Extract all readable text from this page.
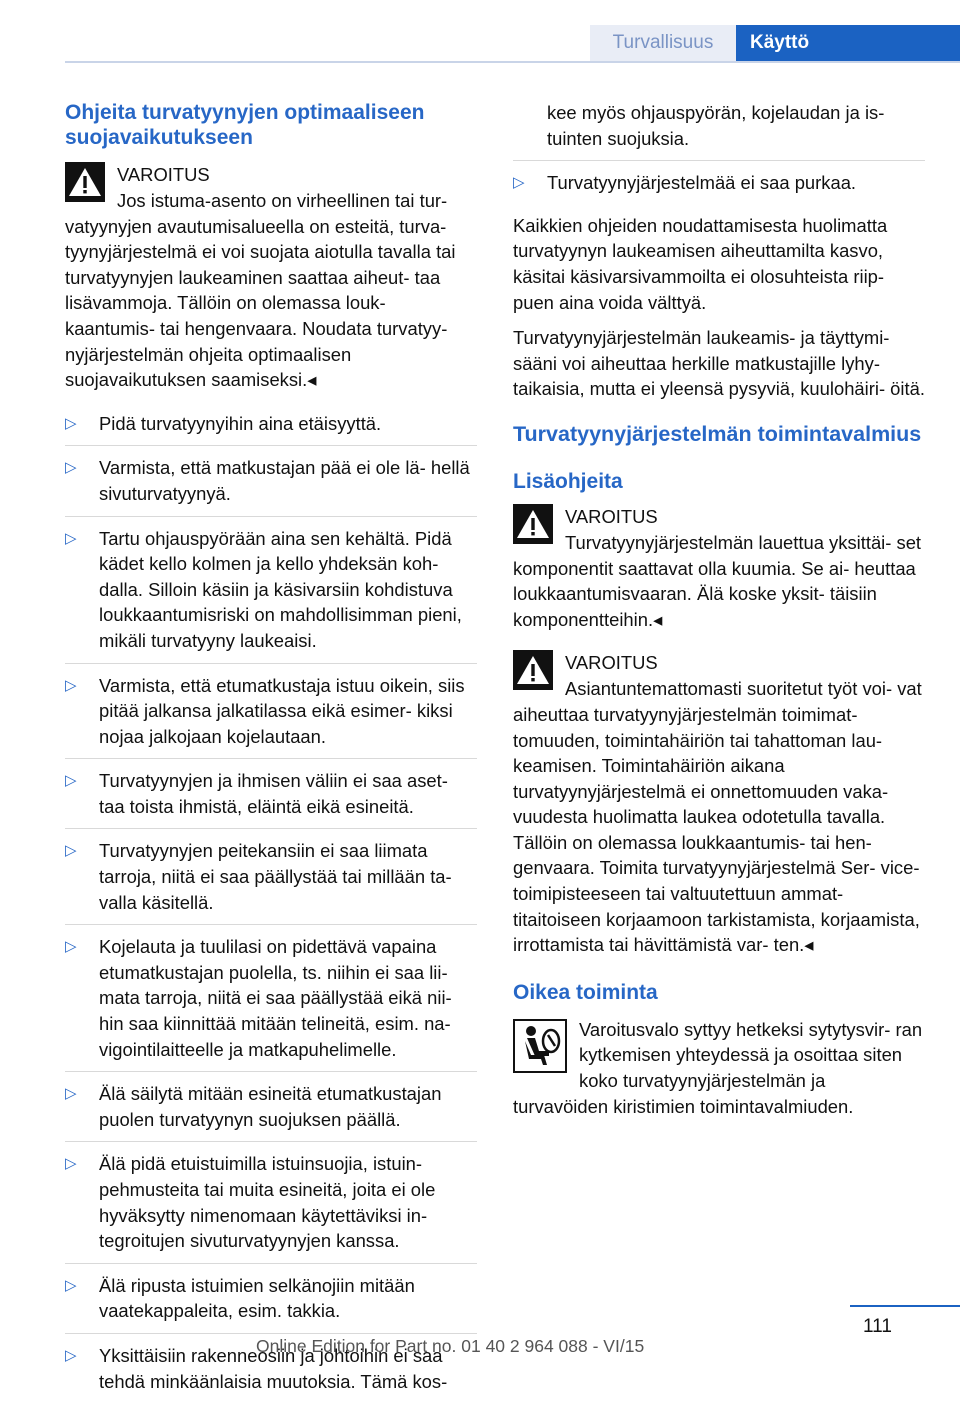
Turvallisuus Käyttö
Ohjeita turvatyynyjen optimaaliseen suojavaikutukseen
VAROITUS
Jos istuma-asento on virheellinen tai tur- vatyynyjen avautumisalueella on esteitä, turva- tyynyjärjestelmä ei voi suojata aiotulla tavalla tai turvatyynyjen laukeaminen saattaa aiheut- taa lisävammoja. Tällöin on olemassa louk- kaantumis- tai hengenvaara. Noudata turvatyy- nyjärjestelmän ohjeita optimaalisen suojavaikutuksen saamiseksi.◂
▷ Pidä turvatyynyihin aina etäisyyttä.
▷ Varmista, että matkustajan pää ei ole lä- hellä sivuturvatyynyä.
▷ Tartu ohjauspyörään aina sen kehältä. Pidä kädet kello kolmen ja kello yhdeksän koh- dalla. Silloin käsiin ja käsivarsiin kohdistuva loukkaantumisriski on mahdollisimman pieni, mikäli turvatyyny laukeaisi.
▷ Varmista, että etumatkustaja istuu oikein, siis pitää jalkansa jalkatilassa eikä esimer- kiksi nojaa jalkojaan kojelautaan.
▷ Turvatyynyjen ja ihmisen väliin ei saa aset- taa toista ihmistä, eläintä eikä esineitä.
▷ Turvatyynyjen peitekansiin ei saa liimata tarroja, niitä ei saa päällystää tai millään ta- valla käsitellä.
▷ Kojelauta ja tuulilasi on pidettävä vapaina etumatkustajan puolella, ts. niihin ei saa lii- mata tarroja, niitä ei saa päällystää eikä nii- hin saa kiinnittää mitään telineitä, esim. na- vigointilaitteelle ja matkapuhelimelle.
▷ Älä säilytä mitään esineitä etumatkustajan puolen turvatyynyn suojuksen päällä.
▷ Älä pidä etuistuimilla istuinsuojia, istuin- pehmusteita tai muita esineitä, joita ei ole hyväksytty nimenomaan käytettäviksi in- tegroitujen sivuturvatyynyjen kanssa.
▷ Älä ripusta istuimien selkänojiin mitään vaatekappaleita, esim. takkia.
▷ Yksittäisiin rakenneosiin ja johtoihin ei saa tehdä minkäänlaisia muutoksia. Tämä kos-
kee myös ohjauspyörän, kojelaudan ja is- tuinten suojuksia.
▷ Turvatyynyjärjestelmää ei saa purkaa.

Kaikkien ohjeiden noudattamisesta huolimatta turvatyynyn laukeamisen aiheuttamilta kasvo, käsitai käsivarsivammoilta ei olosuhteista riip- puen aina voida välttyä.

Turvatyynyjärjestelmän laukeamis- ja täyttymi- sääni voi aiheuttaa herkille matkustajille lyhy- taikaisia, mutta ei yleensä pysyviä, kuulohäiri- öitä.

Turvatyynyjärjestelmän toimintavalmius
Lisäohjeita
VAROITUS
Turvatyynyjärjestelmän lauettua yksittäi- set komponentit saattavat olla kuumia. Se ai- heuttaa loukkaantumisvaaran. Älä koske yksit- täisiin komponentteihin.◂
VAROITUS
Asiantuntemattomasti suoritetut työt voi- vat aiheuttaa turvatyynyjärjestelmän toimimat- tomuuden, toimintahäiriön tai tahattoman lau- keamisen. Toimintahäiriön aikana turvatyynyjärjestelmä ei onnettomuuden vaka- vuudesta huolimatta laukea odotetulla tavalla. Tällöin on olemassa loukkaantumis- tai hen- genvaara. Toimita turvatyynyjärjestelmä Ser- vice-toimipisteeseen tai valtuutettuun ammat- titaitoiseen korjaamoon tarkistamista, korjaamista, irrottamista tai hävittämistä var- ten.◂
Oikea toiminta
Varoitusvalo syttyy hetkeksi sytytysvir- ran kytkemisen yhteydessä ja osoittaa siten koko turvatyynyjärjestelmän ja turvavöiden kiristimien toimintavalmiuden.
111
Online Edition for Part no. 01 40 2 964 088 - VI/15
